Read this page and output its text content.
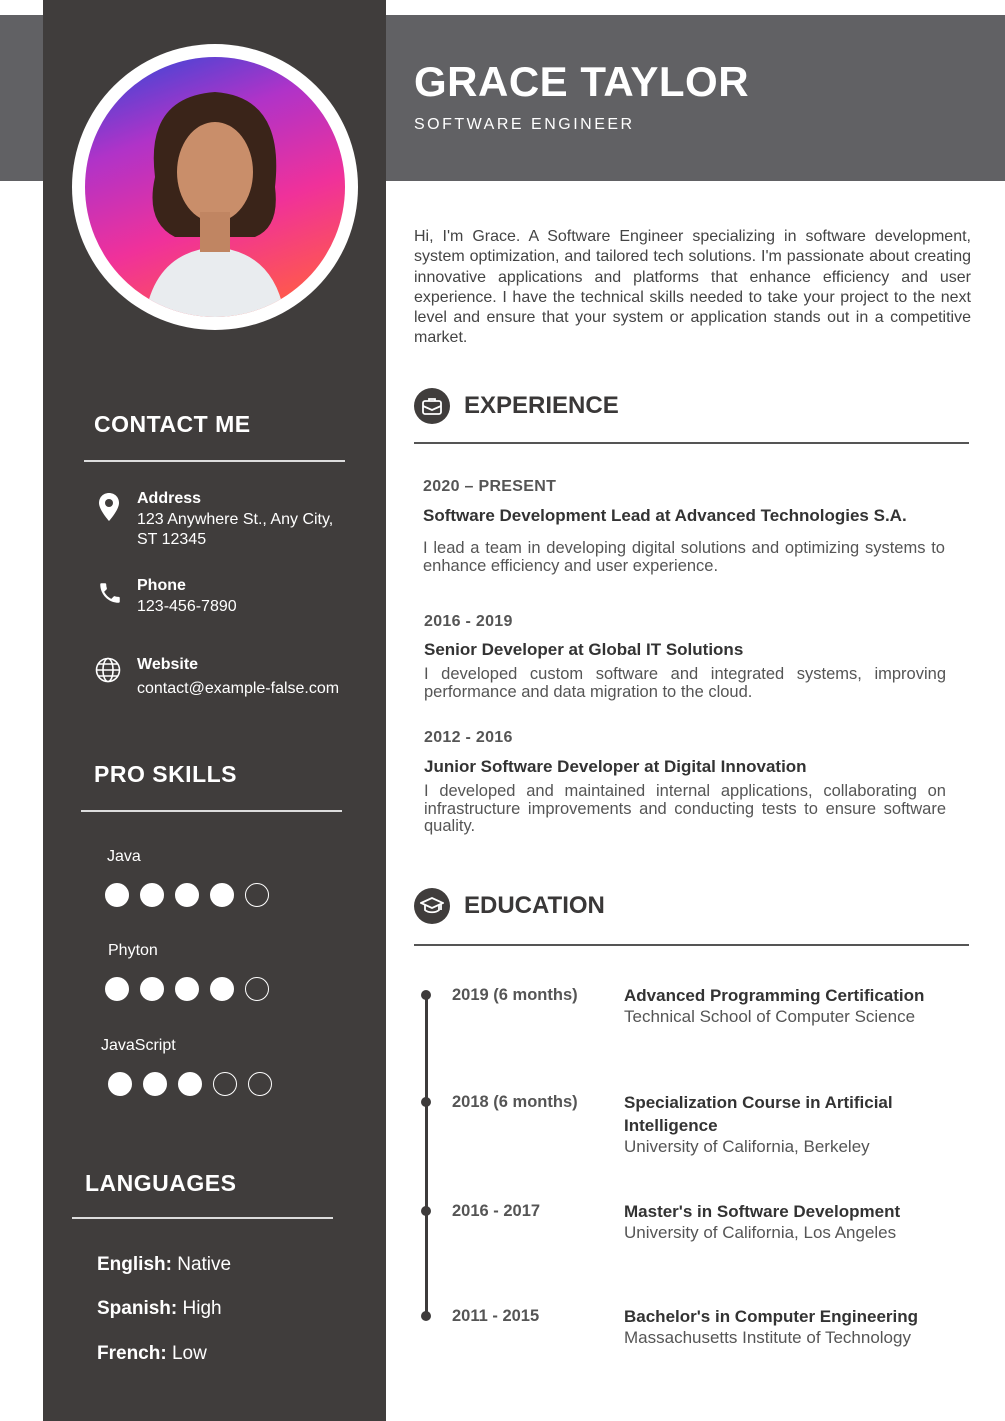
GRACE TAYLOR
SOFTWARE ENGINEER
CONTACT ME
Address
123 Anywhere St., Any City, ST 12345
Phone
123-456-7890
Website
contact@example-false.com
PRO SKILLS
Java
Phyton
JavaScript
LANGUAGES
English: Native
Spanish: High
French: Low
Hi, I'm Grace. A Software Engineer specializing in software development, system optimization, and tailored tech solutions. I'm passionate about creating innovative applications and platforms that enhance efficiency and user experience. I have the technical skills needed to take your project to the next level and ensure that your system or application stands out in a competitive market.
EXPERIENCE
2020 – PRESENT
Software Development Lead at Advanced Technologies S.A.
I lead a team in developing digital solutions and optimizing systems to enhance efficiency and user experience.
2016 - 2019
Senior Developer at Global IT Solutions
I developed custom software and integrated systems, improving performance and data migration to the cloud.
2012 - 2016
Junior Software Developer at Digital Innovation
I developed and maintained internal applications, collaborating on infrastructure improvements and conducting tests to ensure software quality.
EDUCATION
2019 (6 months)	Advanced Programming Certification
Technical School of Computer Science
2018 (6 months)	Specialization Course in Artificial Intelligence
University of California, Berkeley
2016 - 2017	Master's in Software Development
University of California, Los Angeles
2011 - 2015	Bachelor's in Computer Engineering
Massachusetts Institute of Technology
